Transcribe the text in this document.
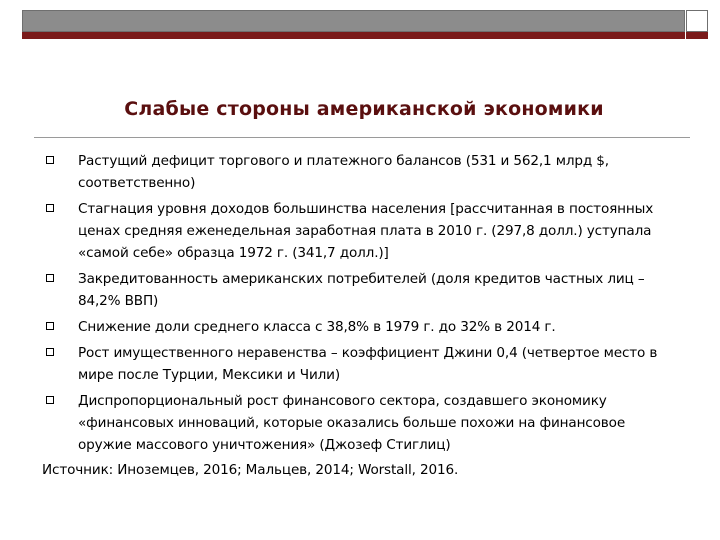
Слабые стороны американской экономики
Растущий дефицит торгового и платежного балансов (531 и 562,1 млрд $, соответственно)
Стагнация уровня доходов большинства населения [рассчитанная в постоянных ценах средняя еженедельная заработная плата в 2010 г. (297,8 долл.) уступала «самой себе» образца 1972 г. (341,7 долл.)]
Закредитованность американских потребителей (доля кредитов частных лиц – 84,2% ВВП)
Снижение доли среднего класса с 38,8% в 1979 г. до 32% в 2014 г.
Рост имущественного неравенства – коэффициент Джини 0,4 (четвертое место в мире после Турции, Мексики и Чили)
Диспропорциональный рост финансового сектора, создавшего экономику «финансовых инноваций, которые оказались больше похожи на финансовое оружие массового уничтожения» (Джозеф Стиглиц)
Источник: Иноземцев, 2016; Мальцев, 2014; Worstall, 2016.
